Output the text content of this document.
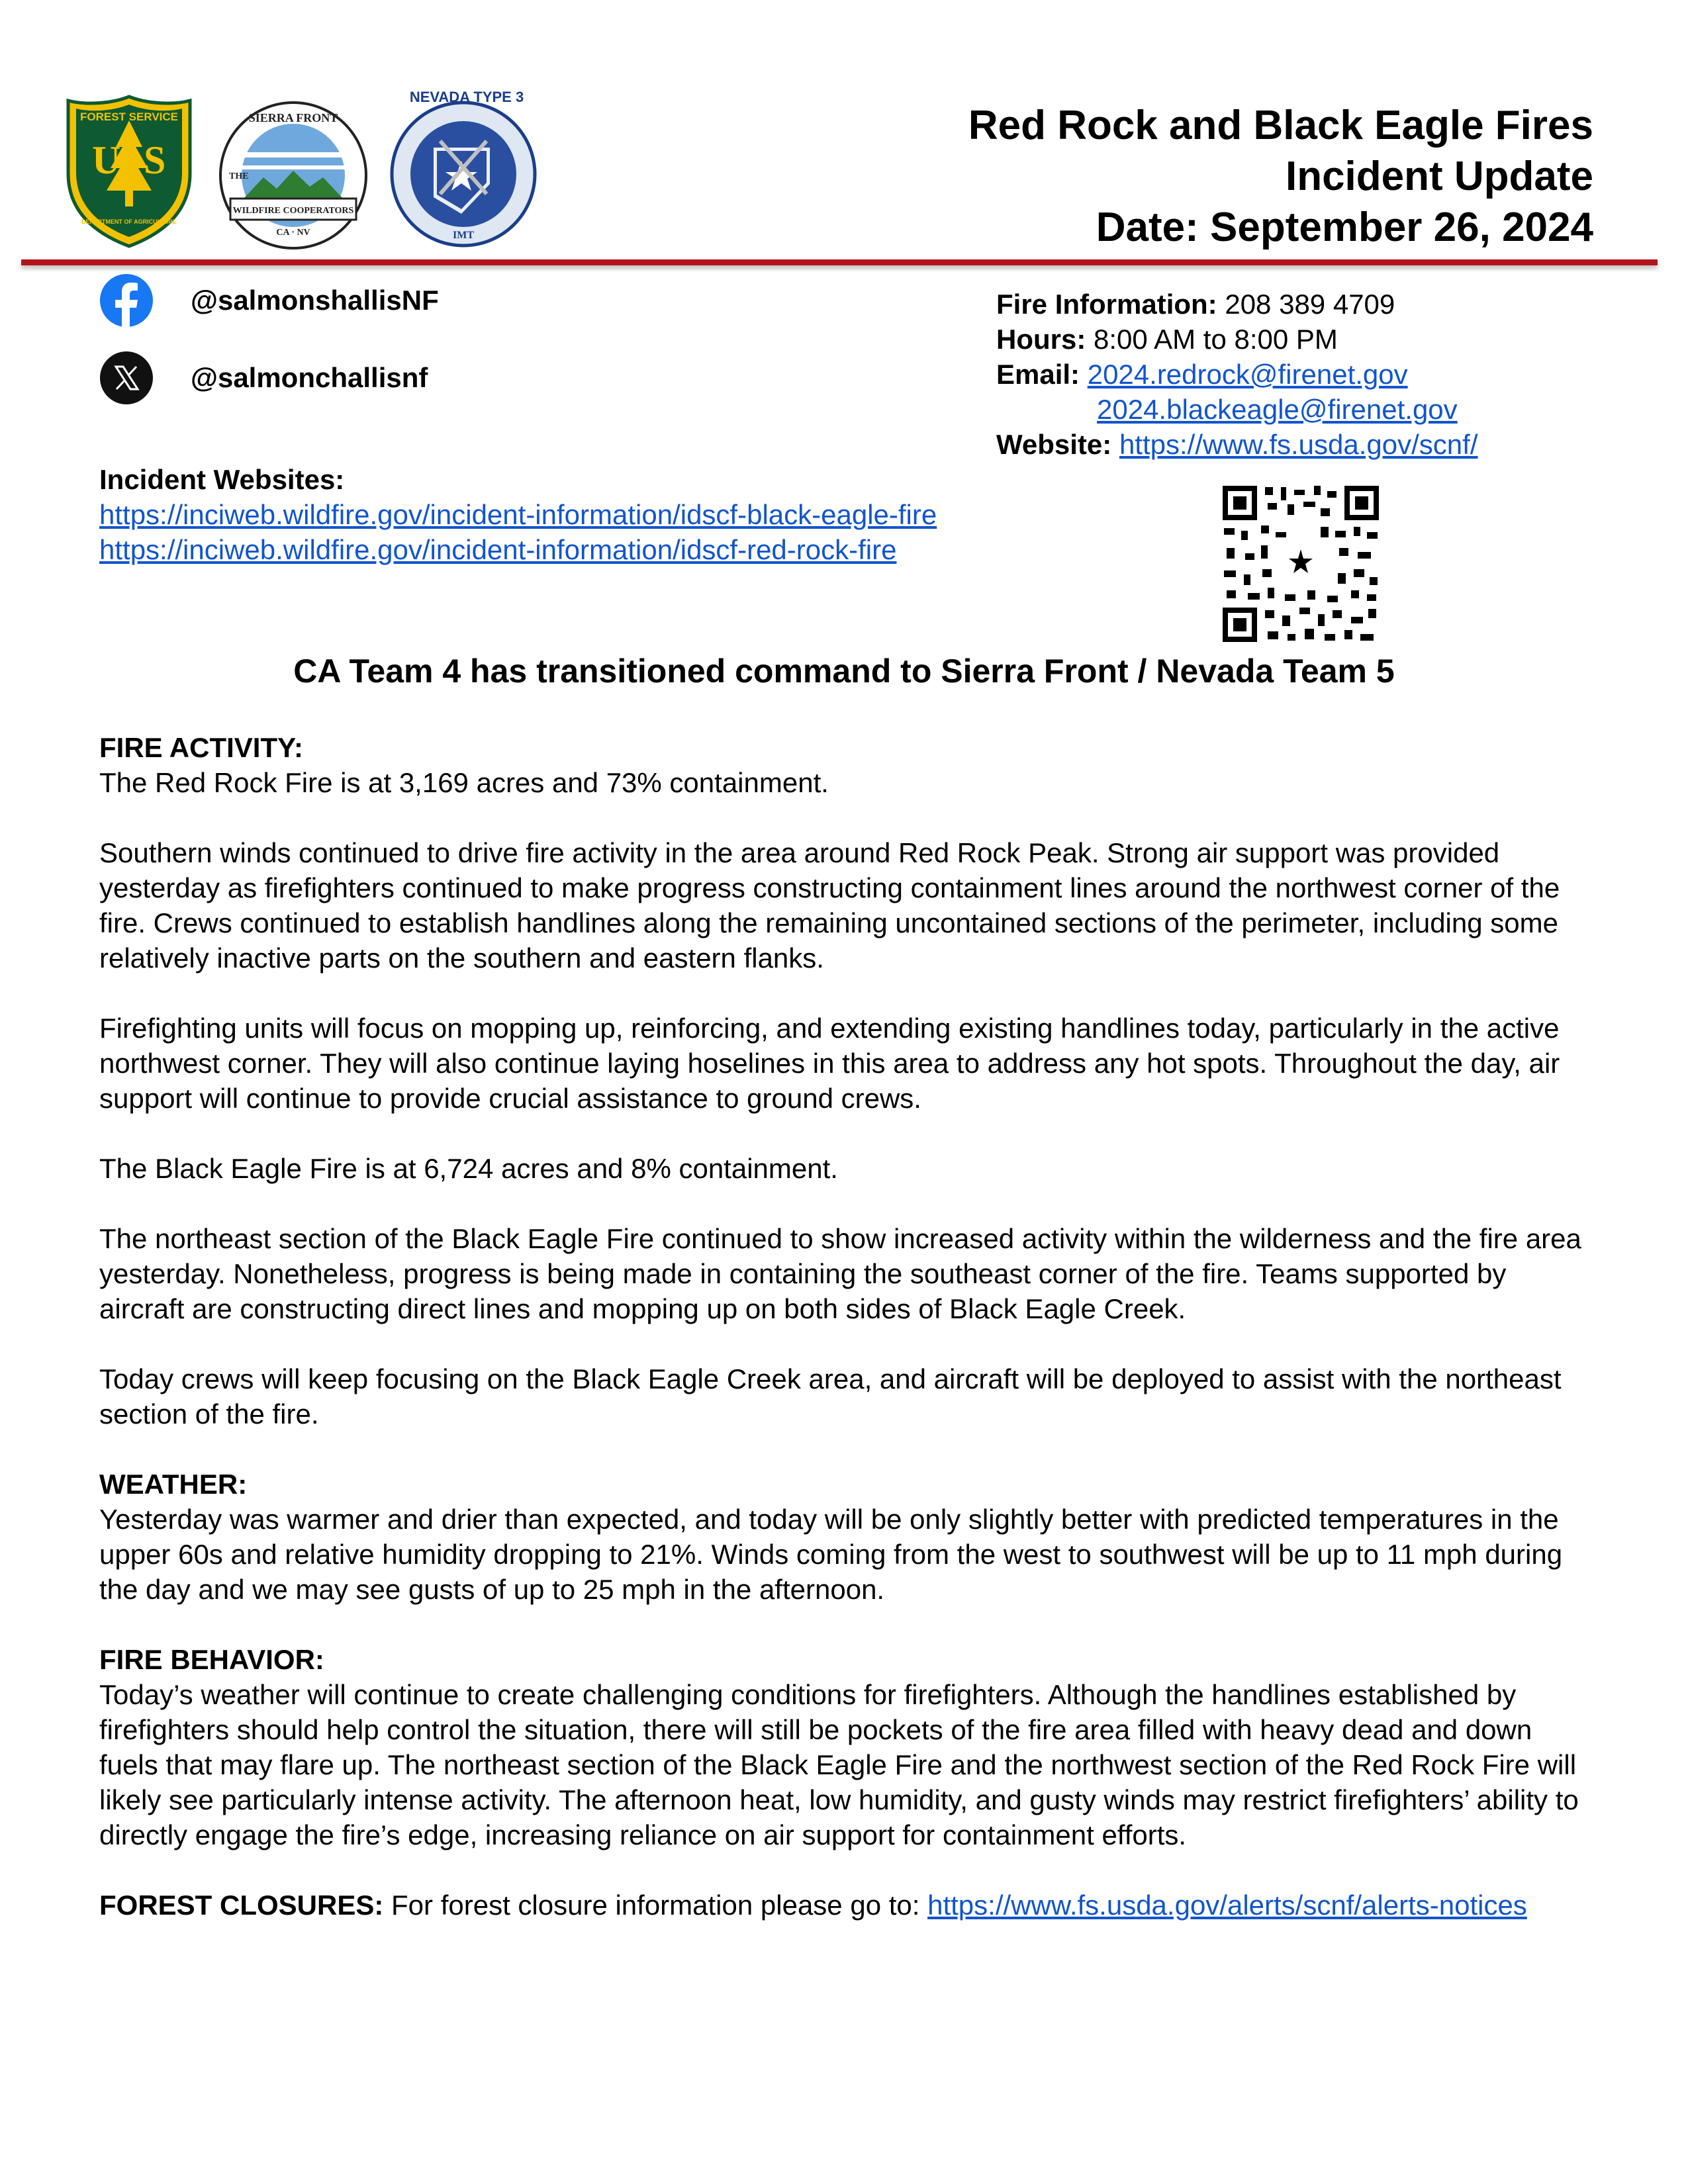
U S
FOREST SERVICE
DEPARTMENT OF AGRICULTURE
SIERRA FRONT
THE
WILDFIRE COOPERATORS
CA · NV
NEVADA TYPE 3
IMT
Red Rock and Black Eagle Fires
Incident Update
Date: September 26, 2024
@salmonshallisNF
@salmonchallisnf
Fire Information: 208 389 4709
Hours: 8:00 AM to 8:00 PM
Email: 2024.redrock@firenet.gov
2024.blackeagle@firenet.gov
Website: https://www.fs.usda.gov/scnf/
Incident Websites:
https://inciweb.wildfire.gov/incident-information/idscf-black-eagle-fire
https://inciweb.wildfire.gov/incident-information/idscf-red-rock-fire
CA Team 4 has transitioned command to Sierra Front / Nevada Team 5
FIRE ACTIVITY:

The Red Rock Fire is at 3,169 acres and 73% containment.

Southern winds continued to drive fire activity in the area around Red Rock Peak. Strong air support was provided yesterday as firefighters continued to make progress constructing containment lines around the northwest corner of the fire. Crews continued to establish handlines along the remaining uncontained sections of the perimeter, including some relatively inactive parts on the southern and eastern flanks.

Firefighting units will focus on mopping up, reinforcing, and extending existing handlines today, particularly in the active northwest corner. They will also continue laying hoselines in this area to address any hot spots. Throughout the day, air support will continue to provide crucial assistance to ground crews.

The Black Eagle Fire is at 6,724 acres and 8% containment.

The northeast section of the Black Eagle Fire continued to show increased activity within the wilderness and the fire area yesterday. Nonetheless, progress is being made in containing the southeast corner of the fire. Teams supported by aircraft are constructing direct lines and mopping up on both sides of Black Eagle Creek.

Today crews will keep focusing on the Black Eagle Creek area, and aircraft will be deployed to assist with the northeast section of the fire.

WEATHER:

Yesterday was warmer and drier than expected, and today will be only slightly better with predicted temperatures in the upper 60s and relative humidity dropping to 21%. Winds coming from the west to southwest will be up to 11 mph during the day and we may see gusts of up to 25 mph in the afternoon.

FIRE BEHAVIOR:

Today’s weather will continue to create challenging conditions for firefighters. Although the handlines established by firefighters should help control the situation, there will still be pockets of the fire area filled with heavy dead and down fuels that may flare up. The northeast section of the Black Eagle Fire and the northwest section of the Red Rock Fire will likely see particularly intense activity. The afternoon heat, low humidity, and gusty winds may restrict firefighters’ ability to directly engage the fire’s edge, increasing reliance on air support for containment efforts.

FOREST CLOSURES: For forest closure information please go to: https://www.fs.usda.gov/alerts/scnf/alerts-notices
